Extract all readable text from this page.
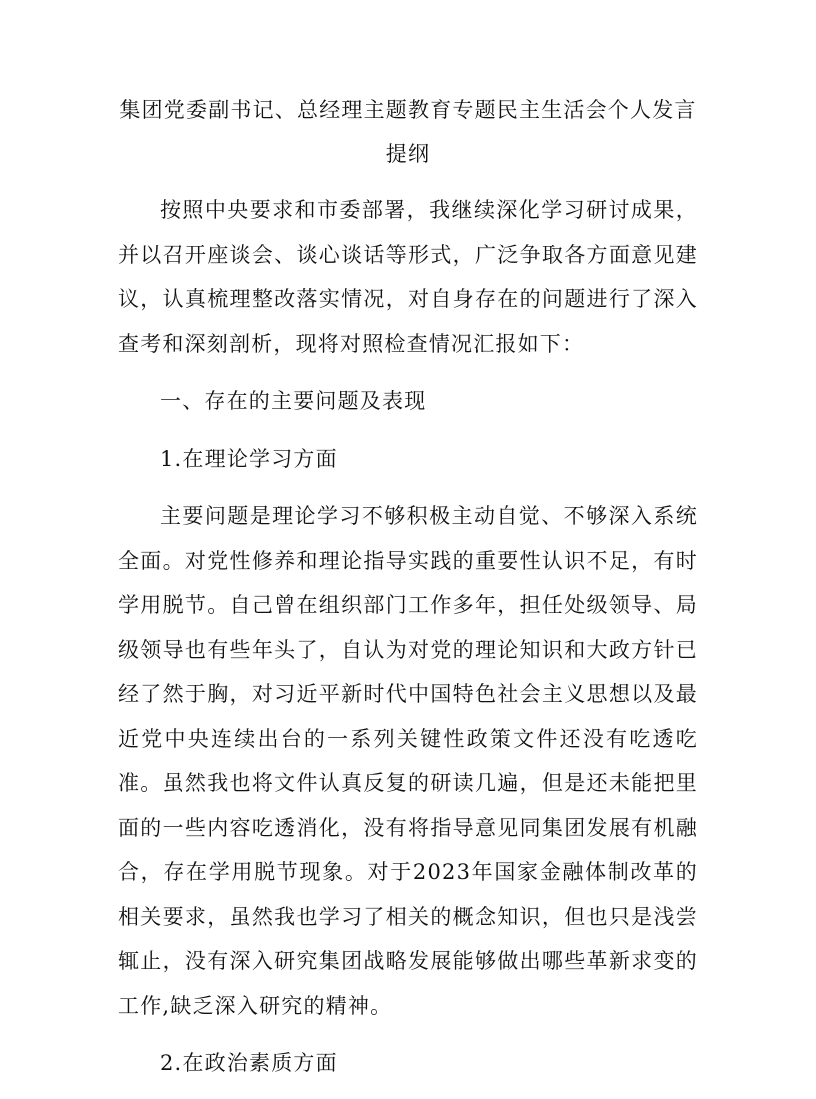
集团党委副书记、总经理主题教育专题民主生活会个人发言提纲

按照中央要求和市委部署，我继续深化学习研讨成果，并以召开座谈会、谈心谈话等形式，广泛争取各方面意见建议，认真梳理整改落实情况，对自身存在的问题进行了深入查考和深刻剖析，现将对照检查情况汇报如下：

一、存在的主要问题及表现
1.在理论学习方面

主要问题是理论学习不够积极主动自觉、不够深入系统全面。对党性修养和理论指导实践的重要性认识不足，有时学用脱节。自己曾在组织部门工作多年，担任处级领导、局级领导也有些年头了，自认为对党的理论知识和大政方针已经了然于胸，对习近平新时代中国特色社会主义思想以及最近党中央连续出台的一系列关键性政策文件还没有吃透吃准。虽然我也将文件认真反复的研读几遍，但是还未能把里面的一些内容吃透消化，没有将指导意见同集团发展有机融合，存在学用脱节现象。对于2023年国家金融体制改革的相关要求，虽然我也学习了相关的概念知识，但也只是浅尝辄止，没有深入研究集团战略发展能够做出哪些革新求变的工作,缺乏深入研究的精神。

2.在政治素质方面
